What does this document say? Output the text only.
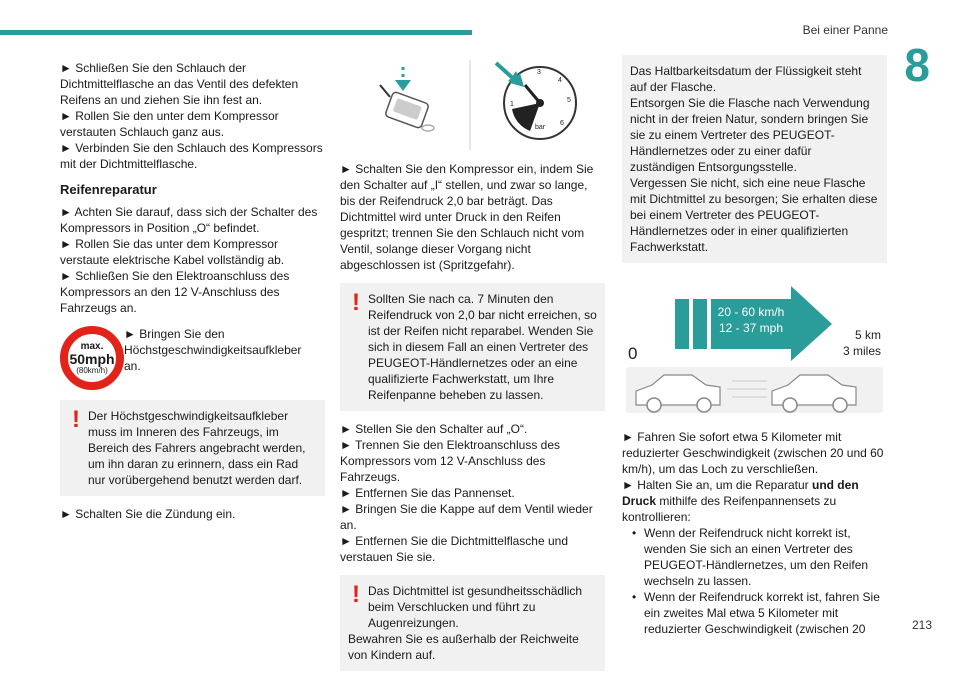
Bei einer Panne
8
213

► Schließen Sie den Schlauch der Dichtmittelflasche an das Ventil des defekten Reifens an und ziehen Sie ihn fest an.

► Rollen Sie den unter dem Kompressor verstauten Schlauch ganz aus.

► Verbinden Sie den Schlauch des Kompressors mit der Dichtmittelflasche.

Reifenreparatur

► Achten Sie darauf, dass sich der Schalter des Kompressors in Position „O“ befindet.

► Rollen Sie das unter dem Kompressor verstaute elektrische Kabel vollständig ab.

► Schließen Sie den Elektroanschluss des Kompressors an den 12 V-Anschluss des Fahrzeugs an.

max.
50mph
(80km/h)

► Bringen Sie den Höchstgeschwindigkeitsaufkleber an.

! Der Höchstgeschwindigkeitsaufkleber muss im Inneren des Fahrzeugs, im Bereich des Fahrers angebracht werden, um ihn daran zu erinnern, dass ein Rad nur vorübergehend benutzt werden darf.

► Schalten Sie die Zündung ein.

1
3
4
5
6
bar

► Schalten Sie den Kompressor ein, indem Sie den Schalter auf „I“ stellen, und zwar so lange, bis der Reifendruck 2,0 bar beträgt. Das Dichtmittel wird unter Druck in den Reifen gespritzt; trennen Sie den Schlauch nicht vom Ventil, solange dieser Vorgang nicht abgeschlossen ist (Spritzgefahr).

! Sollten Sie nach ca. 7 Minuten den Reifendruck von 2,0 bar nicht erreichen, so ist der Reifen nicht reparabel. Wenden Sie sich in diesem Fall an einen Vertreter des PEUGEOT-Händlernetzes oder an eine qualifizierte Fachwerkstatt, um Ihre Reifenpanne beheben zu lassen.

► Stellen Sie den Schalter auf „O“.

► Trennen Sie den Elektroanschluss des Kompressors vom 12 V-Anschluss des Fahrzeugs.

► Entfernen Sie das Pannenset.

► Bringen Sie die Kappe auf dem Ventil wieder an.

► Entfernen Sie die Dichtmittelflasche und verstauen Sie sie.

! Das Dichtmittel ist gesundheitsschädlich beim Verschlucken und führt zu Augenreizungen.
Bewahren Sie es außerhalb der Reichweite von Kindern auf.

Das Haltbarkeitsdatum der Flüssigkeit steht auf der Flasche.

Entsorgen Sie die Flasche nach Verwendung nicht in der freien Natur, sondern bringen Sie sie zu einem Vertreter des PEUGEOT-Händlernetzes oder zu einer dafür zuständigen Entsorgungsstelle.

Vergessen Sie nicht, sich eine neue Flasche mit Dichtmittel zu besorgen; Sie erhalten diese bei einem Vertreter des PEUGEOT-Händlernetzes oder in einer qualifizierten Fachwerkstatt.

20 - 60 km/h
12 - 37 mph
0
5 km
3 miles

► Fahren Sie sofort etwa 5 Kilometer mit reduzierter Geschwindigkeit (zwischen 20 und 60 km/h), um das Loch zu verschließen.

► Halten Sie an, um die Reparatur und den Druck mithilfe des Reifenpannensets zu kontrollieren:

• Wenn der Reifendruck nicht korrekt ist, wenden Sie sich an einen Vertreter des PEUGEOT-Händlernetzes, um den Reifen wechseln zu lassen.
• Wenn der Reifendruck korrekt ist, fahren Sie ein zweites Mal etwa 5 Kilometer mit reduzierter Geschwindigkeit (zwischen 20
